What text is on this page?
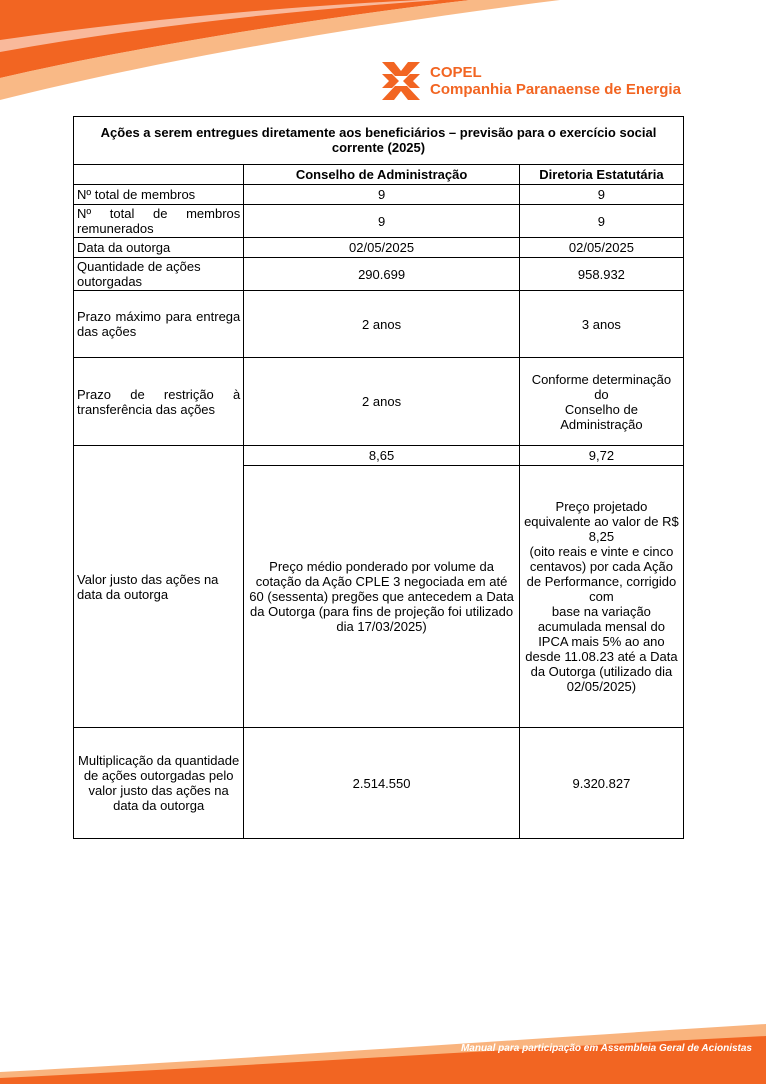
COPEL
Companhia Paranaense de Energia
Ações a serem entregues diretamente aos beneficiários – previsão para o exercício social corrente (2025)		
	Conselho de Administração	Diretoria Estatutária
Nº total de membros	9	9
Nº total de membros remunerados	9	9
Data da outorga	02/05/2025	02/05/2025
Quantidade de ações outorgadas	290.699	958.932
Prazo máximo para entrega das ações	2 anos	3 anos
Prazo de restrição à transferência das ações	2 anos	Conforme determinação do
Conselho de Administração

Valor justo das ações na data da outorga	8,65	9,72
	Preço médio ponderado por volume da cotação da Ação CPLE 3 negociada em até 60 (sessenta) pregões que antecedem a Data da Outorga (para fins de projeção foi utilizado dia 17/03/2025)	Preço projetado equivalente ao valor de R$ 8,25
(oito reais e vinte e cinco centavos) por cada Ação de Performance, corrigido com
base na variação acumulada mensal do IPCA mais 5% ao ano desde 11.08.23 até a Data da Outorga (utilizado dia 02/05/2025)

Multiplicação da quantidade de ações outorgadas pelo valor justo das ações na data da outorga	2.514.550	9.320.827
Manual para participação em Assembleia Geral de Acionistas
